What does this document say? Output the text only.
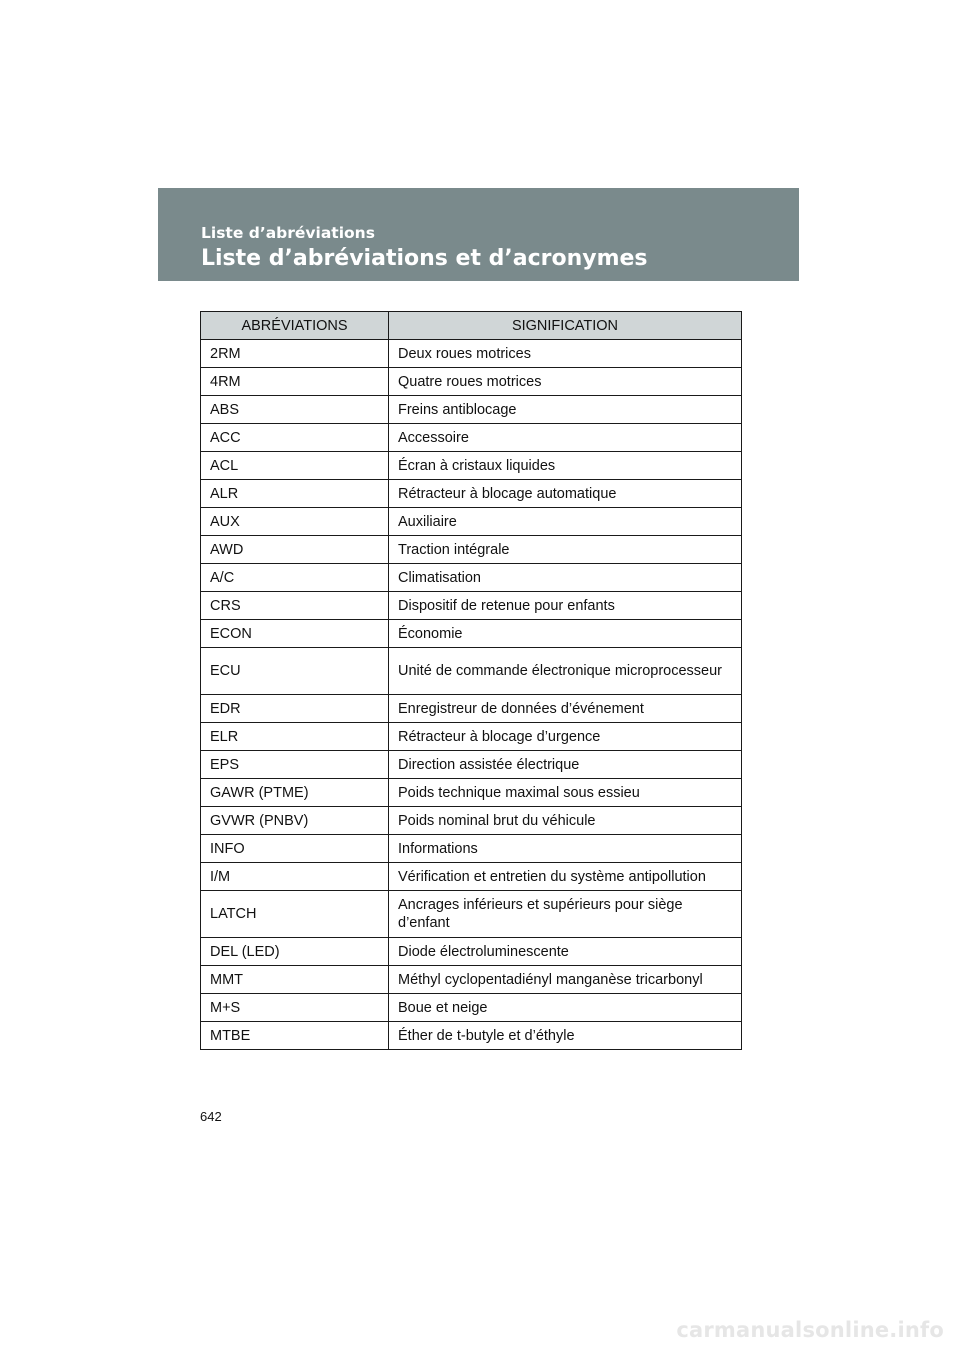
Liste d’abréviations
Liste d’abréviations et d’acronymes
ABRÉVIATIONS	SIGNIFICATION
2RM	Deux roues motrices
4RM	Quatre roues motrices
ABS	Freins antiblocage
ACC	Accessoire
ACL	Écran à cristaux liquides
ALR	Rétracteur à blocage automatique
AUX	Auxiliaire
AWD	Traction intégrale
A/C	Climatisation
CRS	Dispositif de retenue pour enfants
ECON	Économie
ECU	Unité de commande électronique microprocesseur
EDR	Enregistreur de données d’événement
ELR	Rétracteur à blocage d’urgence
EPS	Direction assistée électrique
GAWR (PTME)	Poids technique maximal sous essieu
GVWR (PNBV)	Poids nominal brut du véhicule
INFO	Informations
I/M	Vérification et entretien du système antipollution
LATCH	Ancrages inférieurs et supérieurs pour siège d’enfant
DEL (LED)	Diode électroluminescente
MMT	Méthyl cyclopentadiényl manganèse tricarbonyl
M+S	Boue et neige
MTBE	Éther de t-butyle et d’éthyle
642
carmanualsonline.info
